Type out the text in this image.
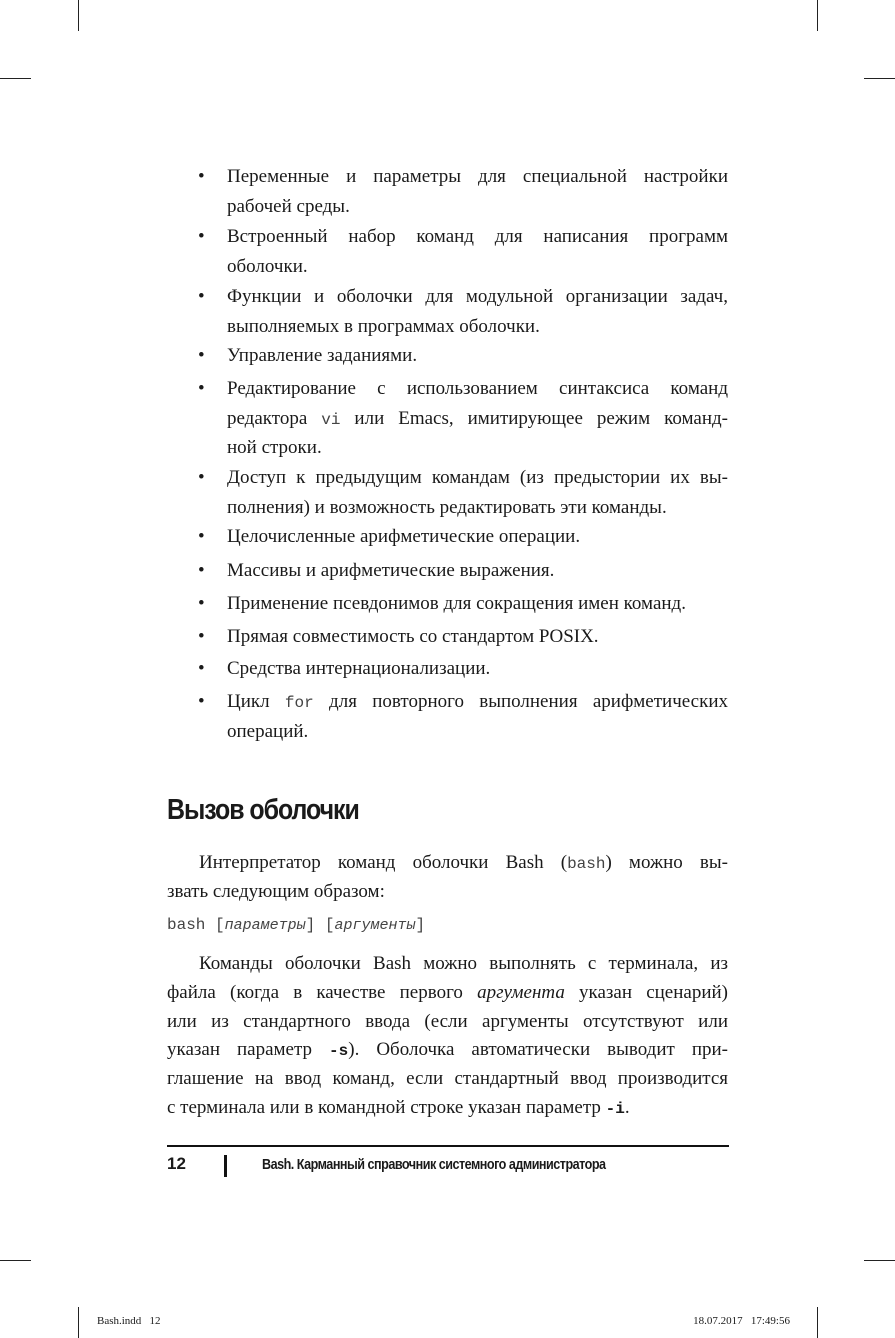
• Переменные и параметры для специальной настройки
рабочей среды.
• Встроенный набор команд для написания программ
оболочки.
• Функции и оболочки для модульной организации задач,
выполняемых в программах оболочки.
• Управление заданиями.
• Редактирование с использованием синтаксиса команд
редактора vi или Emacs, имитирующее режим команд-
ной строки.
• Доступ к предыдущим командам (из предыстории их вы-
полнения) и возможность редактировать эти команды.
• Целочисленные арифметические операции.
• Массивы и арифметические выражения.
• Применение псевдонимов для сокращения имен команд.
• Прямая совместимость со стандартом POSIX.
• Средства интернационализации.
• Цикл for для повторного выполнения арифметических
операций.
Интерпретатор команд оболочки Bash (bash) можно вы-
звать следующим образом:
bash [параметры] [аргументы]
Команды оболочки Bash можно выполнять с терминала, из
файла (когда в качестве первого аргумента указан сценарий)
или из стандартного ввода (если аргументы отсутствуют или
указан параметр -s). Оболочка автоматически выводит при-
глашение на ввод команд, если стандартный ввод производится
с терминала или в командной строке указан параметр -i.
Вызов оболочки
12	Bash. Карманный справочник системного администратора
Bash.indd   12	18.07.2017   17:49:56
